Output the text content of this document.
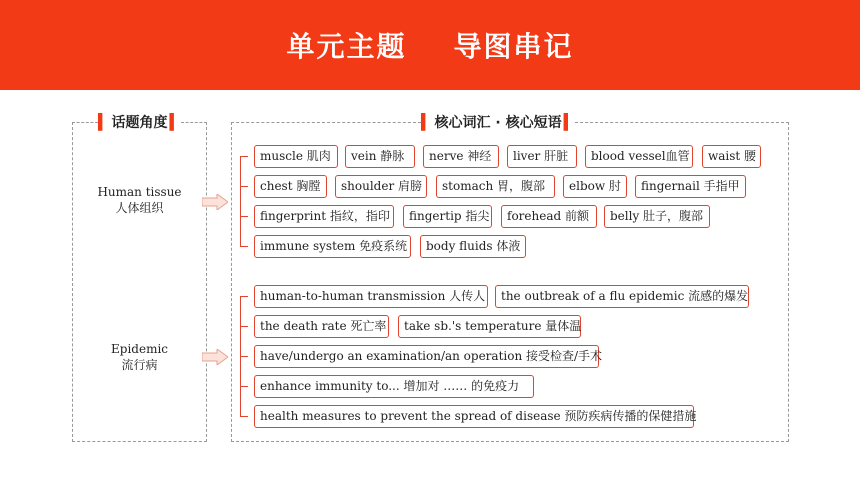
单元主题    导图串记
▍ 话题角度 ▍	▍ 核心词汇 · 核心短语 ▍
Human tissue
人体组织
Epidemic
流行病
muscle 肌肉	vein 静脉	nerve 神经	liver 肝脏	blood vessel血管	waist 腰
chest 胸膛	shoulder 肩膀	stomach 胃，腹部	elbow 肘	fingernail 手指甲
fingerprint 指纹，指印	fingertip 指尖	forehead 前额	belly 肚子，腹部
immune system 免疫系统	body fluids 体液
human-to-human transmission 人传人	the outbreak of a flu epidemic 流感的爆发
the death rate 死亡率	take sb.'s temperature 量体温
have/undergo an examination/an operation 接受检查/手术
enhance immunity to... 增加对 …… 的免疫力
health measures to prevent the spread of disease 预防疾病传播的保健措施
